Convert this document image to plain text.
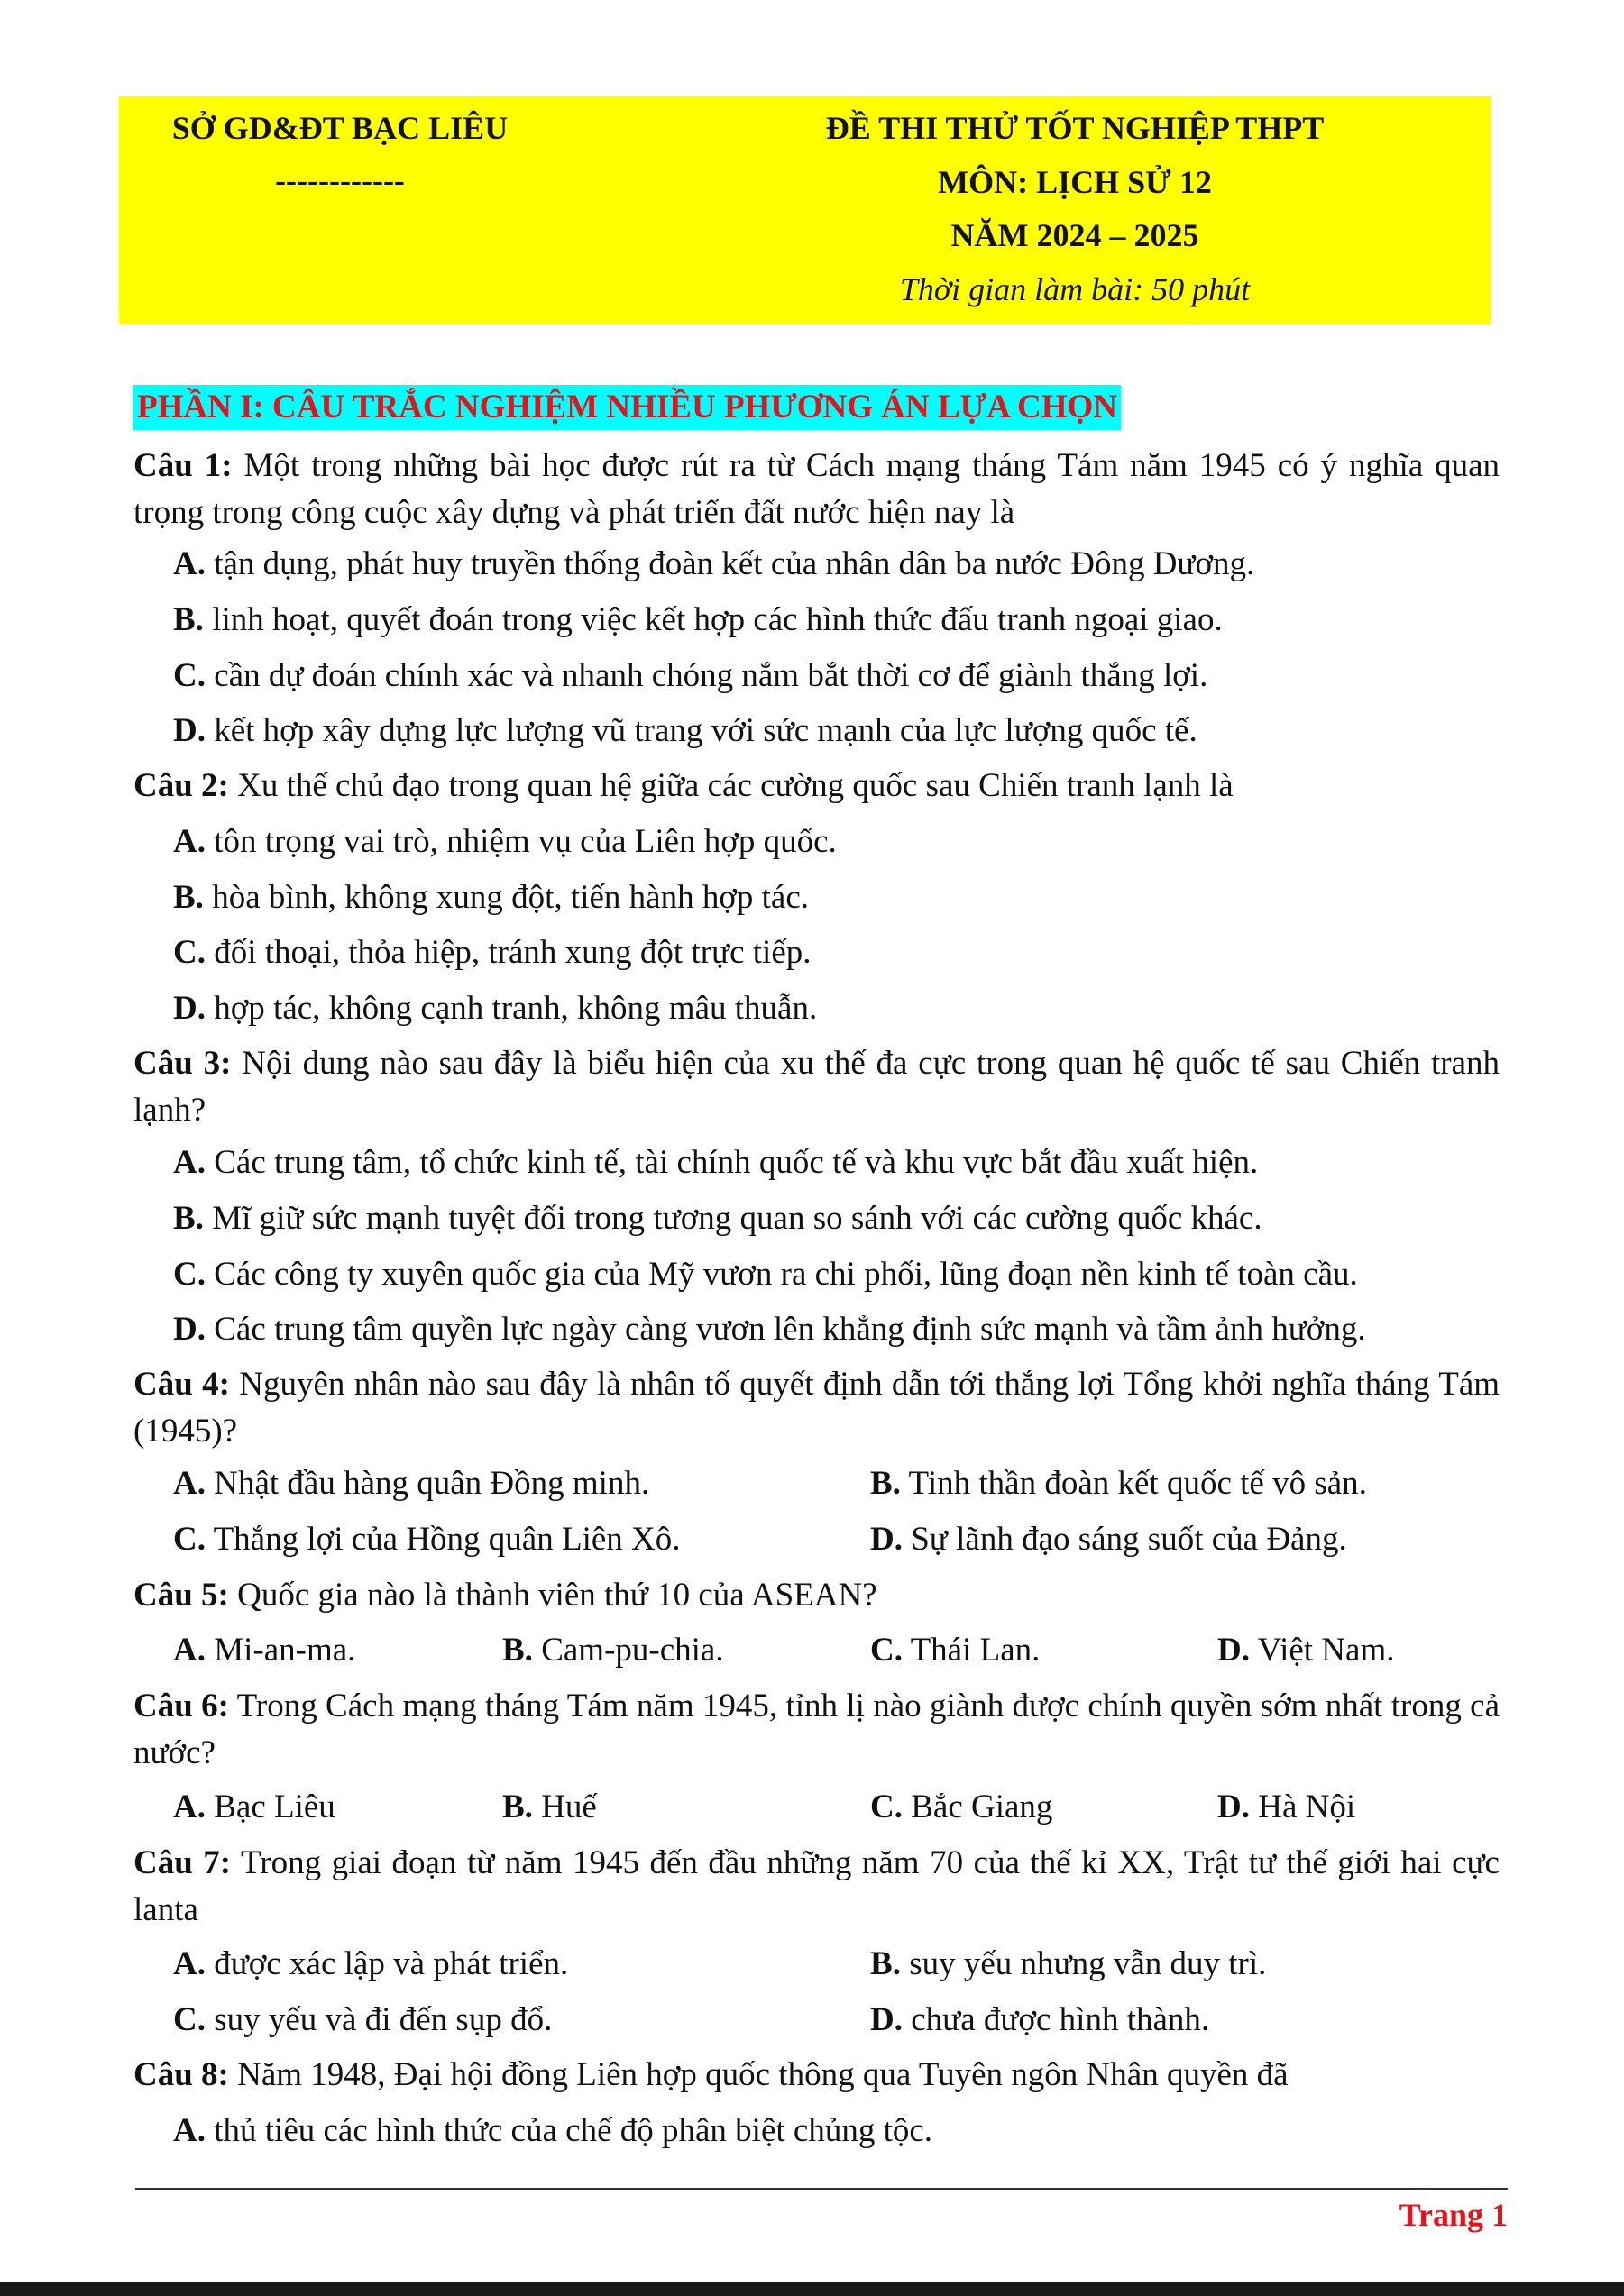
SỞ GD&ĐT BẠC LIÊU
------------
ĐỀ THI THỬ TỐT NGHIỆP THPT
MÔN: LỊCH SỬ 12
NĂM 2024 – 2025
Thời gian làm bài: 50 phút
PHẦN I: CÂU TRẮC NGHIỆM NHIỀU PHƯƠNG ÁN LỰA CHỌN
Câu 1: Một trong những bài học được rút ra từ Cách mạng tháng Tám năm 1945 có ý nghĩa quan trọng trong công cuộc xây dựng và phát triển đất nước hiện nay là
A. tận dụng, phát huy truyền thống đoàn kết của nhân dân ba nước Đông Dương.
B. linh hoạt, quyết đoán trong việc kết hợp các hình thức đấu tranh ngoại giao.
C. cần dự đoán chính xác và nhanh chóng nắm bắt thời cơ để giành thắng lợi.
D. kết hợp xây dựng lực lượng vũ trang với sức mạnh của lực lượng quốc tế.
Câu 2: Xu thế chủ đạo trong quan hệ giữa các cường quốc sau Chiến tranh lạnh là
A. tôn trọng vai trò, nhiệm vụ của Liên hợp quốc.
B. hòa bình, không xung đột, tiến hành hợp tác.
C. đối thoại, thỏa hiệp, tránh xung đột trực tiếp.
D. hợp tác, không cạnh tranh, không mâu thuẫn.
Câu 3: Nội dung nào sau đây là biểu hiện của xu thế đa cực trong quan hệ quốc tế sau Chiến tranh lạnh?
A. Các trung tâm, tổ chức kinh tế, tài chính quốc tế và khu vực bắt đầu xuất hiện.
B. Mĩ giữ sức mạnh tuyệt đối trong tương quan so sánh với các cường quốc khác.
C. Các công ty xuyên quốc gia của Mỹ vươn ra chi phối, lũng đoạn nền kinh tế toàn cầu.
D. Các trung tâm quyền lực ngày càng vươn lên khẳng định sức mạnh và tầm ảnh hưởng.
Câu 4: Nguyên nhân nào sau đây là nhân tố quyết định dẫn tới thắng lợi Tổng khởi nghĩa tháng Tám (1945)?
A. Nhật đầu hàng quân Đồng minh.	B. Tinh thần đoàn kết quốc tế vô sản.
C. Thắng lợi của Hồng quân Liên Xô.	D. Sự lãnh đạo sáng suốt của Đảng.
Câu 5: Quốc gia nào là thành viên thứ 10 của ASEAN?
A. Mi-an-ma.	B. Cam-pu-chia.	C. Thái Lan.	D. Việt Nam.
Câu 6: Trong Cách mạng tháng Tám năm 1945, tỉnh lị nào giành được chính quyền sớm nhất trong cả nước?
A. Bạc Liêu	B. Huế	C. Bắc Giang	D. Hà Nội
Câu 7: Trong giai đoạn từ năm 1945 đến đầu những năm 70 của thế kỉ XX, Trật tư thế giới hai cực lanta
A. được xác lập và phát triển.	B. suy yếu nhưng vẫn duy trì.
C. suy yếu và đi đến sụp đổ.	D. chưa được hình thành.
Câu 8: Năm 1948, Đại hội đồng Liên hợp quốc thông qua Tuyên ngôn Nhân quyền đã
A. thủ tiêu các hình thức của chế độ phân biệt chủng tộc.
Trang 1
